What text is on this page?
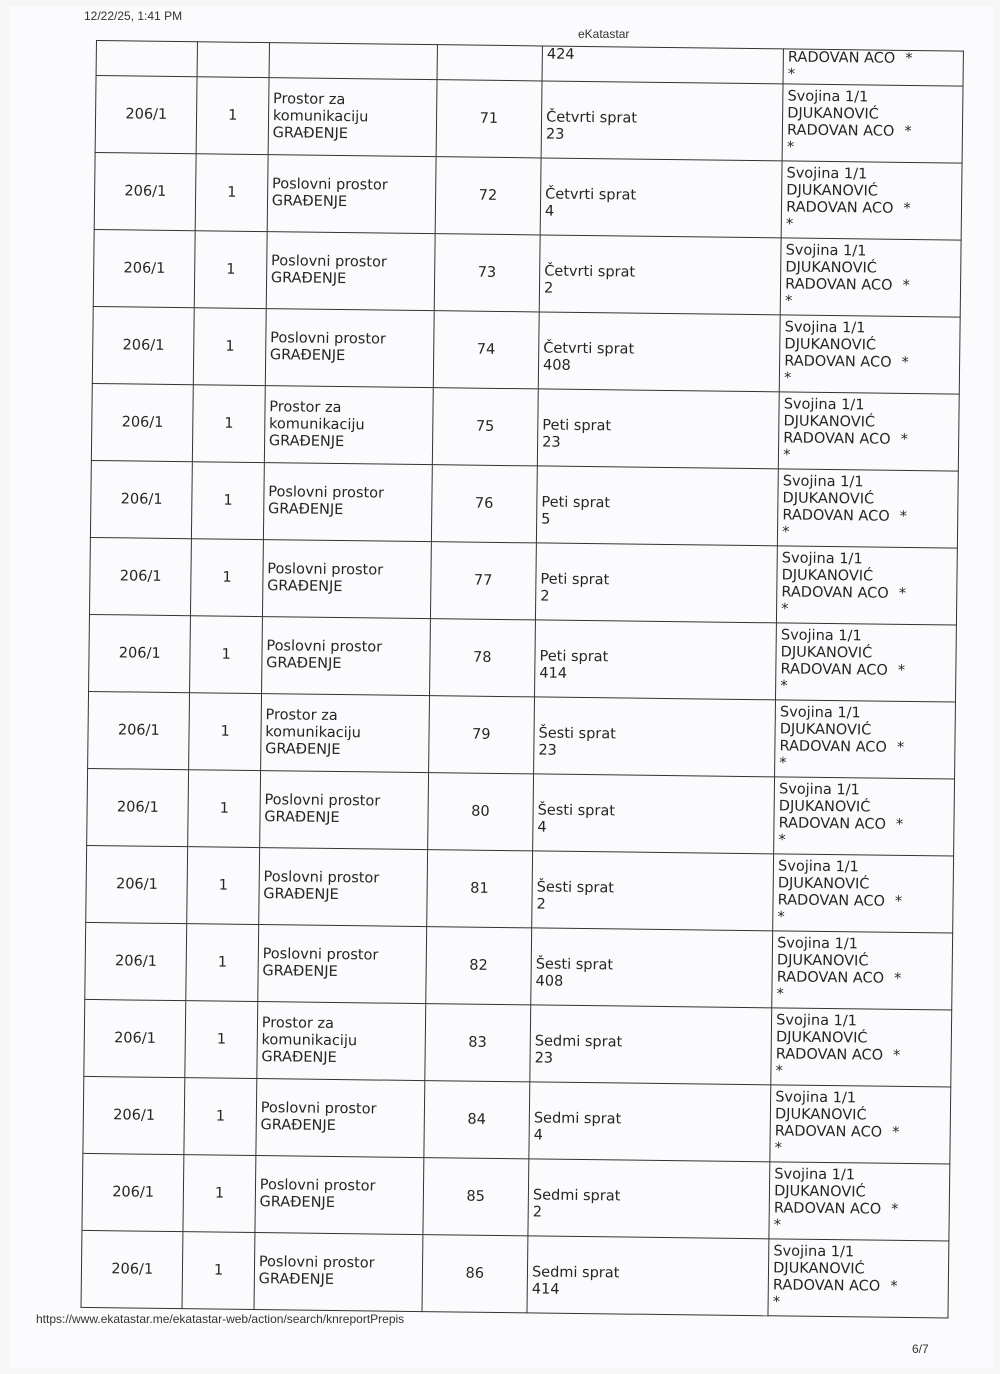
12/22/25, 1:41 PM
eKatastar
				424	RADOVAN ACO *
*

206/1	1	Prostor za
komunikaciju
GRAĐENJE	71	Četvrti sprat
23	Svojina 1/1
DJUKANOVIĆ
RADOVAN ACO *
*

206/1	1	Poslovni prostor
GRAĐENJE	72	Četvrti sprat
4	Svojina 1/1
DJUKANOVIĆ
RADOVAN ACO *
*

206/1	1	Poslovni prostor
GRAĐENJE	73	Četvrti sprat
2	Svojina 1/1
DJUKANOVIĆ
RADOVAN ACO *
*

206/1	1	Poslovni prostor
GRAĐENJE	74	Četvrti sprat
408	Svojina 1/1
DJUKANOVIĆ
RADOVAN ACO *
*

206/1	1	Prostor za
komunikaciju
GRAĐENJE	75	Peti sprat
23	Svojina 1/1
DJUKANOVIĆ
RADOVAN ACO *
*

206/1	1	Poslovni prostor
GRAĐENJE	76	Peti sprat
5	Svojina 1/1
DJUKANOVIĆ
RADOVAN ACO *
*

206/1	1	Poslovni prostor
GRAĐENJE	77	Peti sprat
2	Svojina 1/1
DJUKANOVIĆ
RADOVAN ACO *
*

206/1	1	Poslovni prostor
GRAĐENJE	78	Peti sprat
414	Svojina 1/1
DJUKANOVIĆ
RADOVAN ACO *
*

206/1	1	Prostor za
komunikaciju
GRAĐENJE	79	Šesti sprat
23	Svojina 1/1
DJUKANOVIĆ
RADOVAN ACO *
*

206/1	1	Poslovni prostor
GRAĐENJE	80	Šesti sprat
4	Svojina 1/1
DJUKANOVIĆ
RADOVAN ACO *
*

206/1	1	Poslovni prostor
GRAĐENJE	81	Šesti sprat
2	Svojina 1/1
DJUKANOVIĆ
RADOVAN ACO *
*

206/1	1	Poslovni prostor
GRAĐENJE	82	Šesti sprat
408	Svojina 1/1
DJUKANOVIĆ
RADOVAN ACO *
*

206/1	1	Prostor za
komunikaciju
GRAĐENJE	83	Sedmi sprat
23	Svojina 1/1
DJUKANOVIĆ
RADOVAN ACO *
*

206/1	1	Poslovni prostor
GRAĐENJE	84	Sedmi sprat
4	Svojina 1/1
DJUKANOVIĆ
RADOVAN ACO *
*

206/1	1	Poslovni prostor
GRAĐENJE	85	Sedmi sprat
2	Svojina 1/1
DJUKANOVIĆ
RADOVAN ACO *
*

206/1	1	Poslovni prostor
GRAĐENJE	86	Sedmi sprat
414	Svojina 1/1
DJUKANOVIĆ
RADOVAN ACO *
*
https://www.ekatastar.me/ekatastar-web/action/search/knreportPrepis
6/7
